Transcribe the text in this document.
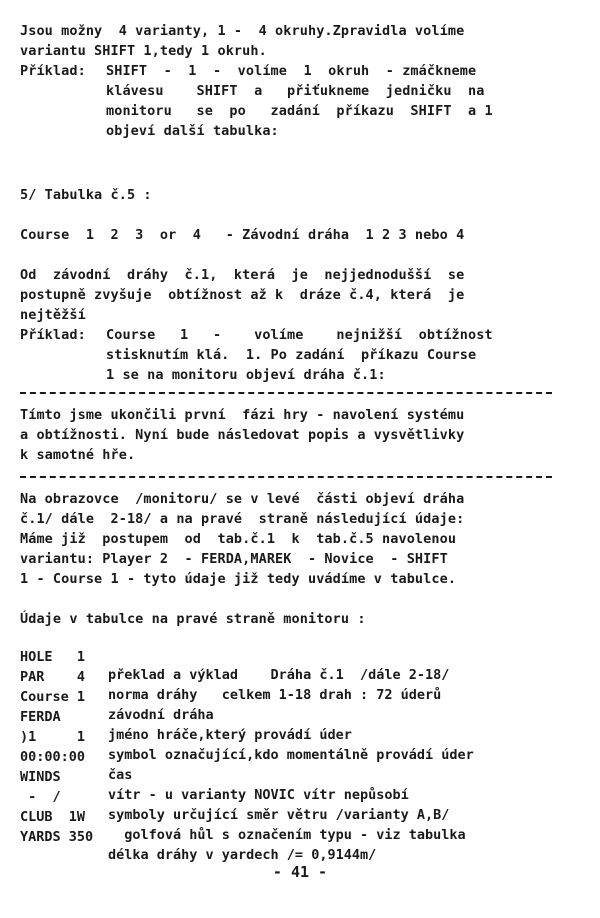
Jsou možny  4 varianty, 1 -  4 okruhy.Zpravidla volíme
variantu SHIFT 1,tedy 1 okruh.
Příklad: SHIFT  -  1  -  volíme  1  okruh  - zmáčkneme
klávesu    SHIFT  a   přiťukneme  jedničku  na
monitoru   se  po   zadání  příkazu  SHIFT  a 1
objeví další tabulka:
5/ Tabulka č.5 :
Course  1  2  3  or  4   - Závodní dráha  1 2 3 nebo 4
Od  závodní  dráhy  č.1,  která  je  nejjednodušší  se
postupně zvyšuje  obtížnost až k  dráze č.4, která  je
nejtěžší
Příklad: Course   1   -    volíme    nejnižší  obtížnost
stisknutím klá.  1. Po zadání  příkazu Course
1 se na monitoru objeví dráha č.1:
Tímto jsme ukončili první  fázi hry - navolení systému
a obtížnosti. Nyní bude následovat popis a vysvětlivky
k samotné hře.
Na obrazovce  /monitoru/ se v levé  části objeví dráha
č.1/ dále  2-18/ a na pravé  straně následující údaje:
Máme již  postupem  od  tab.č.1  k  tab.č.5 navolenou
variantu: Player 2  - FERDA,MAREK  - Novice  - SHIFT
1 - Course 1 - tyto údaje již tedy uvádíme v tabulce.
Údaje v tabulce na pravé straně monitoru :

HOLE   1

překlad a výklad    Dráha č.1  /dále 2-18/

PAR    4

norma dráhy   celkem 1-18 drah : 72 úderů

Course 1

závodní dráha

FERDA

jméno hráče,který provádí úder

)1     1

symbol označující,kdo momentálně provádí úder

00:00:00

čas

WINDS

vítr - u varianty NOVIC vítr nepůsobí

-  /

symboly určující směr větru /varianty A,B/

CLUB  1W

golfová hůl s označením typu - viz tabulka

YARDS 350

délka dráhy v yardech /= 0,9144m/

- 41 -
